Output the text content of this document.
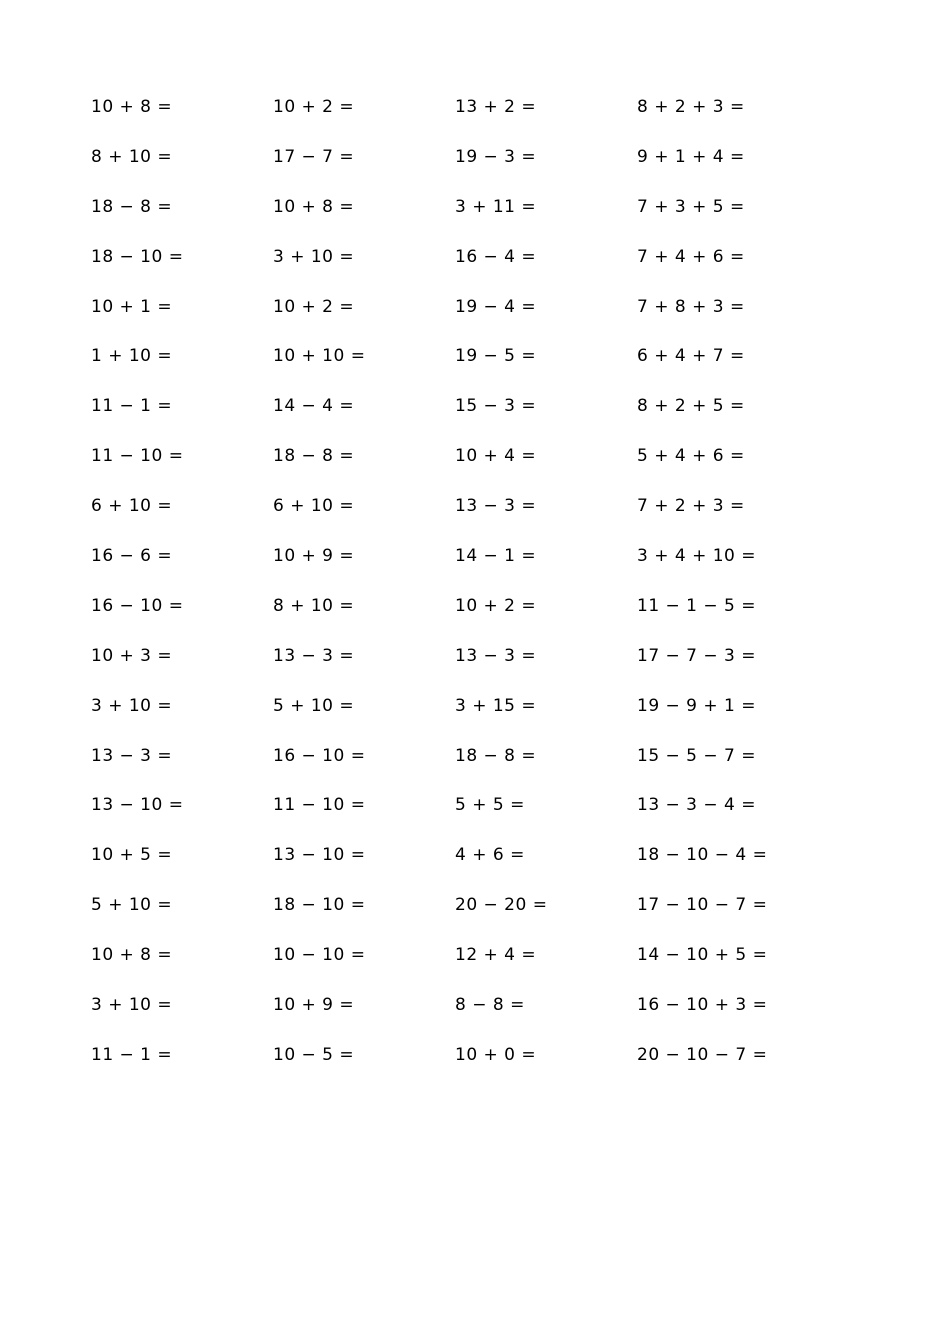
10 + 8 =	10 + 2 =	13 + 2 =	8 + 2 + 3 =
8 + 10 =	17 − 7 =	19 − 3 =	9 + 1 + 4 =
18 − 8 =	10 + 8 =	3 + 11 =	7 + 3 + 5 =
18 − 10 =	3 + 10 =	16 − 4 =	7 + 4 + 6 =
10 + 1 =	10 + 2 =	19 − 4 =	7 + 8 + 3 =
1 + 10 =	10 + 10 =	19 − 5 =	6 + 4 + 7 =
11 − 1 =	14 − 4 =	15 − 3 =	8 + 2 + 5 =
11 − 10 =	18 − 8 =	10 + 4 =	5 + 4 + 6 =
6 + 10 =	6 + 10 =	13 − 3 =	7 + 2 + 3 =
16 − 6 =	10 + 9 =	14 − 1 =	3 + 4 + 10 =
16 − 10 =	8 + 10 =	10 + 2 =	11 − 1 − 5 =
10 + 3 =	13 − 3 =	13 − 3 =	17 − 7 − 3 =
3 + 10 =	5 + 10 =	3 + 15 =	19 − 9 + 1 =
13 − 3 =	16 − 10 =	18 − 8 =	15 − 5 − 7 =
13 − 10 =	11 − 10 =	5 + 5 =	13 − 3 − 4 =
10 + 5 =	13 − 10 =	4 + 6 =	18 − 10 − 4 =
5 + 10 =	18 − 10 =	20 − 20 =	17 − 10 − 7 =
10 + 8 =	10 − 10 =	12 + 4 =	14 − 10 + 5 =
3 + 10 =	10 + 9 =	8 − 8 =	16 − 10 + 3 =
11 − 1 =	10 − 5 =	10 + 0 =	20 − 10 − 7 =
